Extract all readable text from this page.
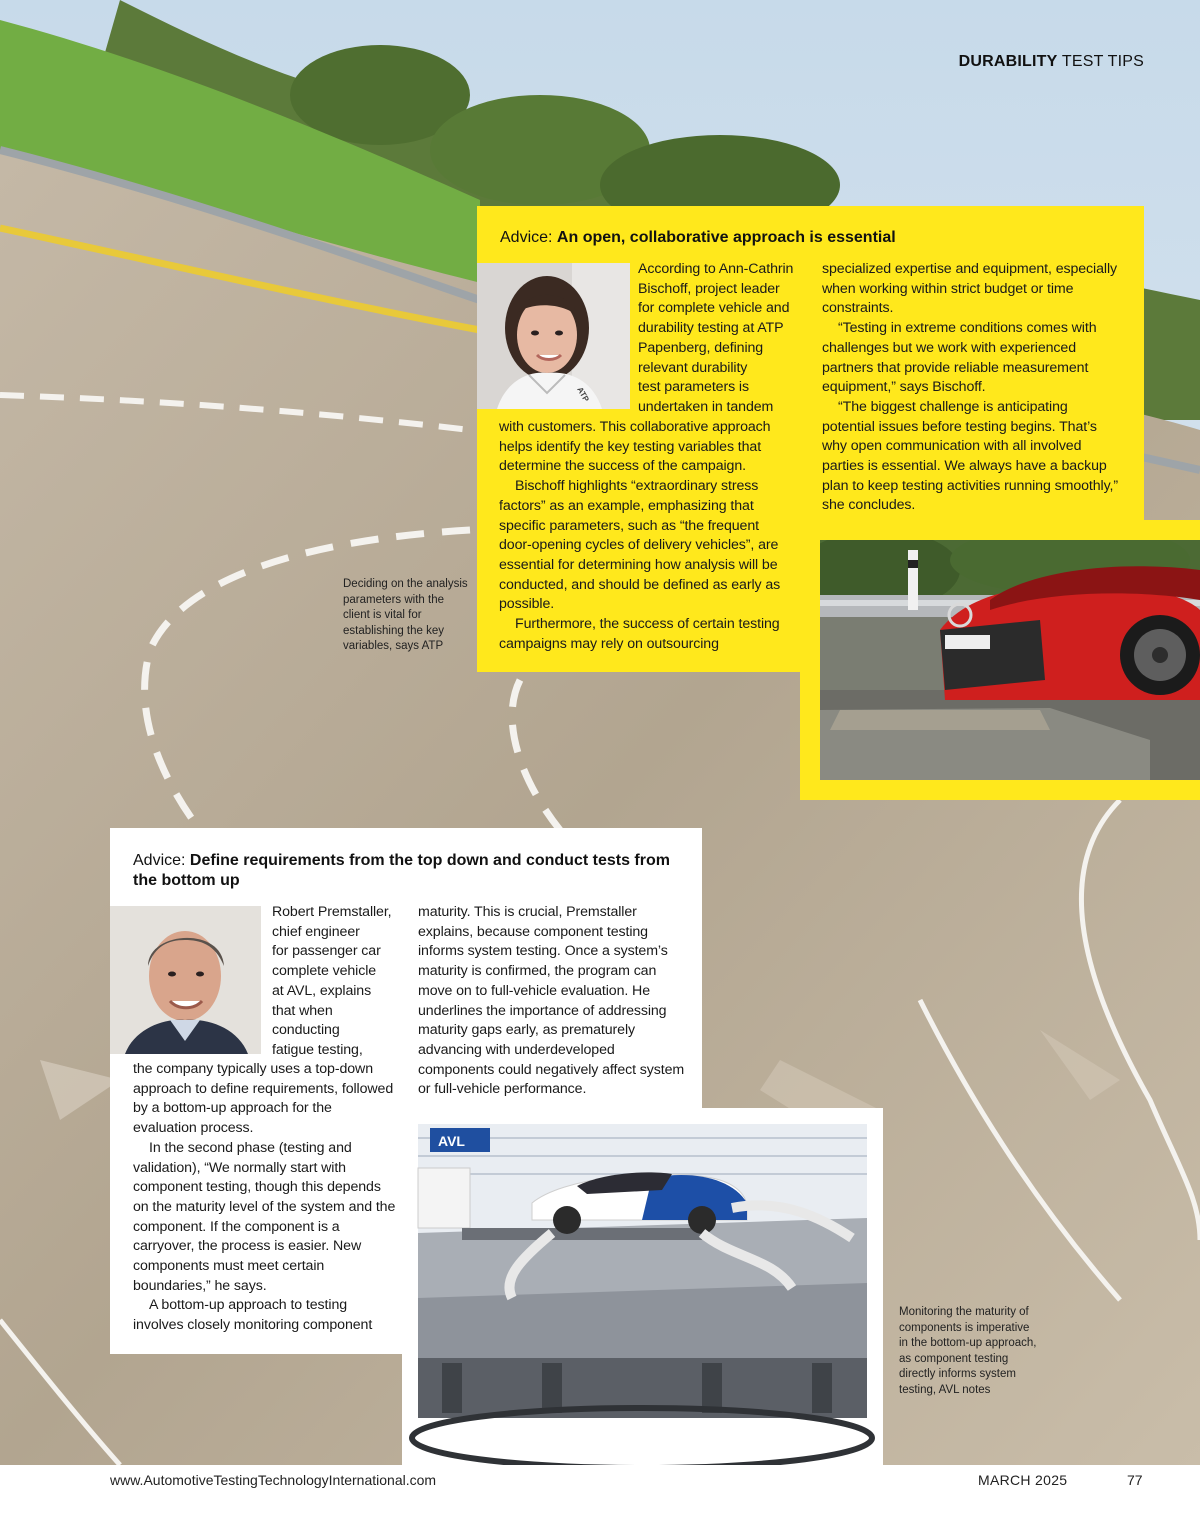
DURABILITY TEST TIPS
Advice: An open, collaborative approach is essential
ATP
According to Ann-Cathrin
Bischoff, project leader
for complete vehicle and
durability testing at ATP
Papenberg, defining
relevant durability
test parameters is
undertaken in tandem

with customers. This collaborative approach helps identify the key testing variables that determine the success of the campaign.

Bischoff highlights “extraordinary stress factors” as an example, emphasizing that specific parameters, such as “the frequent door-opening cycles of delivery vehicles”, are essential for determining how analysis will be conducted, and should be defined as early as possible.

Furthermore, the success of certain testing campaigns may rely on outsourcing

specialized expertise and equipment, especially when working within strict budget or time constraints.

“Testing in extreme conditions comes with challenges but we work with experienced partners that provide reliable measurement equipment,” says Bischoff.

“The biggest challenge is anticipating potential issues before testing begins. That’s why open communication with all involved parties is essential. We always have a backup plan to keep testing activities running smoothly,” she concludes.

Deciding on the analysis parameters with the client is vital for establishing the key variables, says ATP
Advice: Define requirements from the top down and conduct tests from the bottom up
Robert Premstaller,
chief engineer
for passenger car
complete vehicle
at AVL, explains
that when
conducting
fatigue testing,

the company typically uses a top-down approach to define requirements, followed by a bottom-up approach for the evaluation process.

In the second phase (testing and validation), “We normally start with component testing, though this depends on the maturity level of the system and the component. If the component is a carryover, the process is easier. New components must meet certain boundaries,” he says.

A bottom-up approach to testing involves closely monitoring component

maturity. This is crucial, Premstaller explains, because component testing informs system testing. Once a system’s maturity is confirmed, the program can move on to full-vehicle evaluation. He underlines the importance of addressing maturity gaps early, as prematurely advancing with underdeveloped components could negatively affect system or full-vehicle performance.

AVL
Monitoring the maturity of components is imperative in the bottom-up approach, as component testing directly informs system testing, AVL notes
www.AutomotiveTestingTechnologyInternational.com	MARCH 2025	77
